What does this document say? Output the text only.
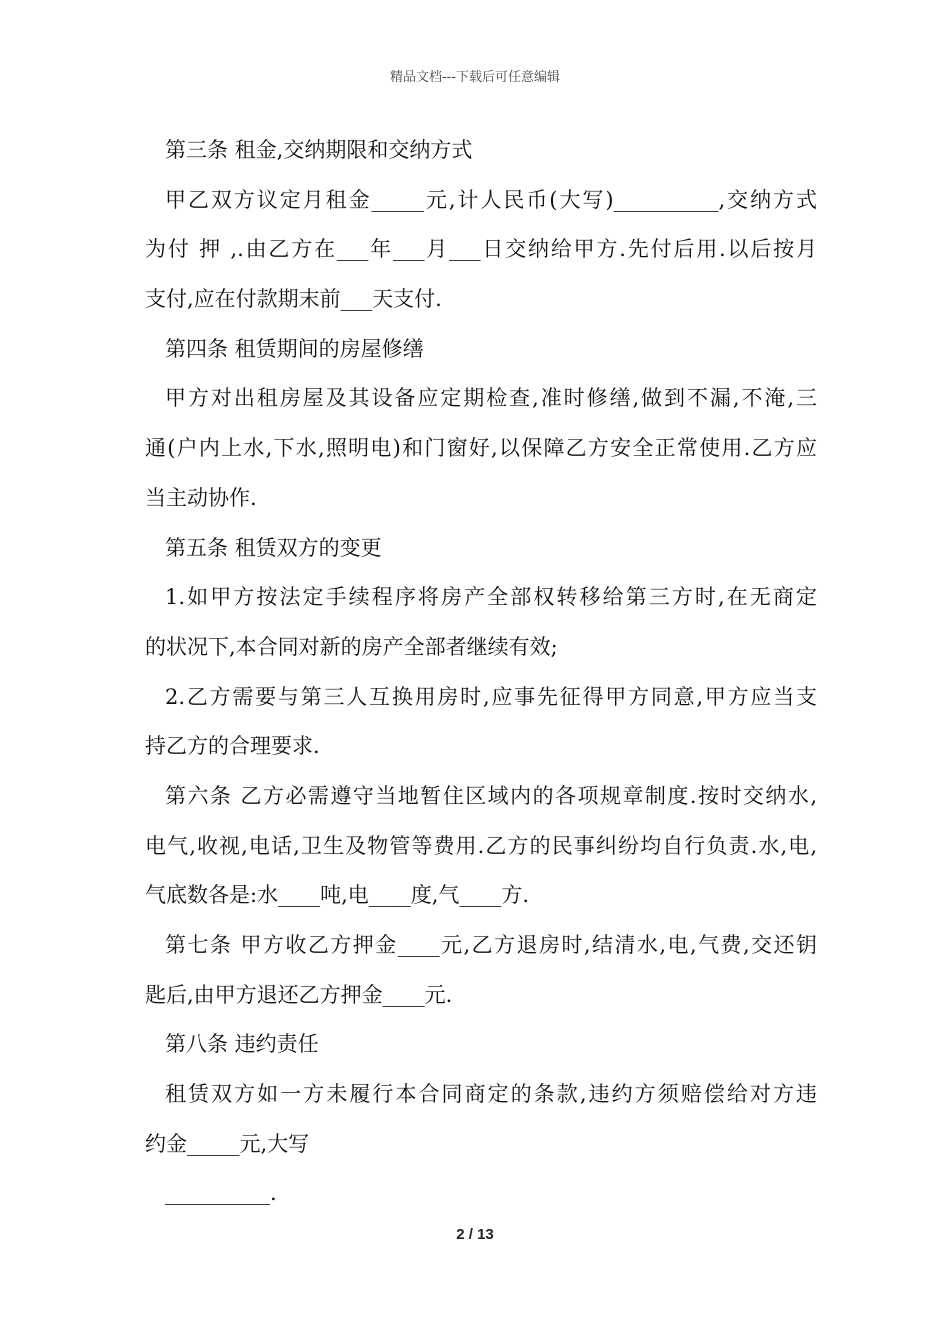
精品文档---下载后可任意编辑
第三条 租金,交纳期限和交纳方式
甲乙双方议定月租金_____元,计人民币(大写)__________,交纳方式
为付 押 ,.由乙方在___年___月___日交纳给甲方.先付后用.以后按月
支付,应在付款期末前___天支付.
第四条 租赁期间的房屋修缮
甲方对出租房屋及其设备应定期检查,准时修缮,做到不漏,不淹,三
通(户内上水,下水,照明电)和门窗好,以保障乙方安全正常使用.乙方应
当主动协作.
第五条 租赁双方的变更
1.如甲方按法定手续程序将房产全部权转移给第三方时,在无商定
的状况下,本合同对新的房产全部者继续有效;
2.乙方需要与第三人互换用房时,应事先征得甲方同意,甲方应当支
持乙方的合理要求.
第六条 乙方必需遵守当地暂住区域内的各项规章制度.按时交纳水,
电气,收视,电话,卫生及物管等费用.乙方的民事纠纷均自行负责.水,电,
气底数各是:水____吨,电____度,气____方.
第七条 甲方收乙方押金____元,乙方退房时,结清水,电,气费,交还钥
匙后,由甲方退还乙方押金____元.
第八条 违约责任
租赁双方如一方未履行本合同商定的条款,违约方须赔偿给对方违
约金_____元,大写
__________.
2 / 13
